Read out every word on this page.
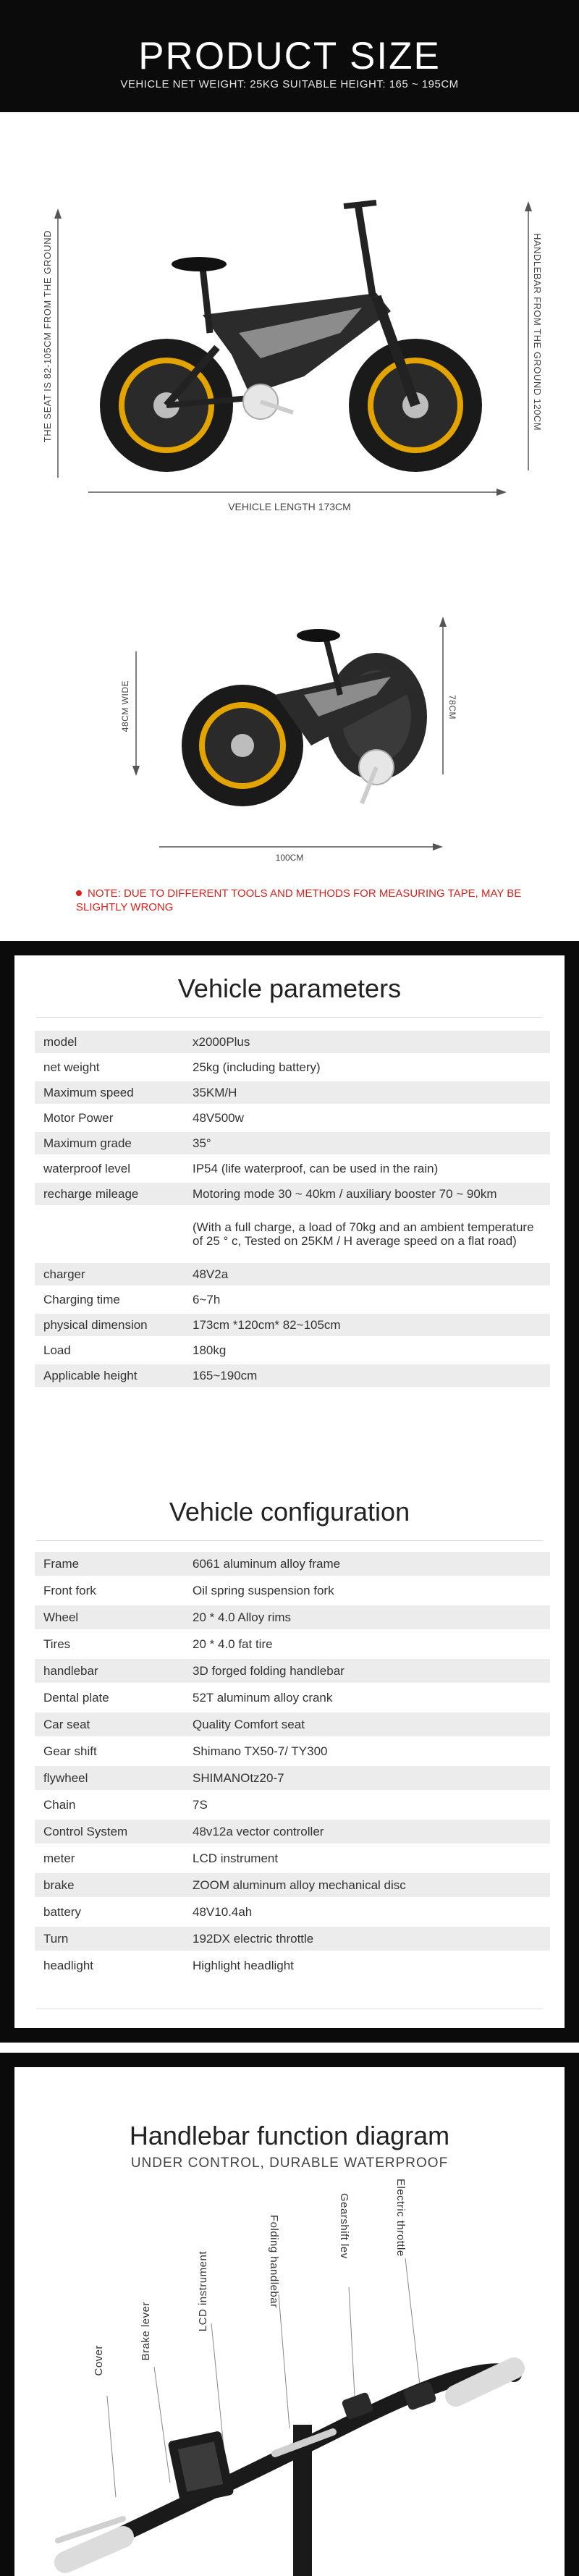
PRODUCT SIZE
VEHICLE NET WEIGHT: 25KG SUITABLE HEIGHT: 165 ~ 195CM
THE SEAT IS 82-105CM FROM THE GROUND	HANDLEBAR FROM THE GROUND 120CM
VEHICLE LENGTH 173CM
48CM WIDE	78CM
100CM
NOTE: DUE TO DIFFERENT TOOLS AND METHODS FOR MEASURING TAPE, MAY BE SLIGHTLY WRONG
Vehicle parameters
model	x2000Plus
net weight	25kg (including battery)
Maximum speed	35KM/H
Motor Power	48V500w
Maximum grade	35°
waterproof level	IP54 (life waterproof, can be used in the rain)
recharge mileage	Motoring mode 30 ~ 40km / auxiliary booster 70 ~ 90km
	(With a full charge, a load of 70kg and an ambient temperature of 25 ° c, Tested on 25KM / H average speed on a flat road)
charger	48V2a
Charging time	6~7h
physical dimension	173cm *120cm* 82~105cm
Load	180kg
Applicable height	165~190cm
Vehicle configuration
Frame	6061 aluminum alloy frame
Front fork	Oil spring suspension fork
Wheel	20 * 4.0 Alloy rims
Tires	20 * 4.0 fat tire
handlebar	3D forged folding handlebar
Dental plate	52T aluminum alloy crank
Car seat	Quality Comfort seat
Gear shift	Shimano TX50-7/ TY300
flywheel	SHIMANOtz20-7
Chain	7S
Control System	48v12a vector controller
meter	LCD instrument
brake	ZOOM aluminum alloy mechanical disc
battery	48V10.4ah
Turn	192DX electric throttle
headlight	Highlight headlight
Handlebar function diagram
UNDER CONTROL, DURABLE WATERPROOF
Cover	Brake lever	LCD instrument	Folding handlebar	Gearshift lev	Electric throttle
